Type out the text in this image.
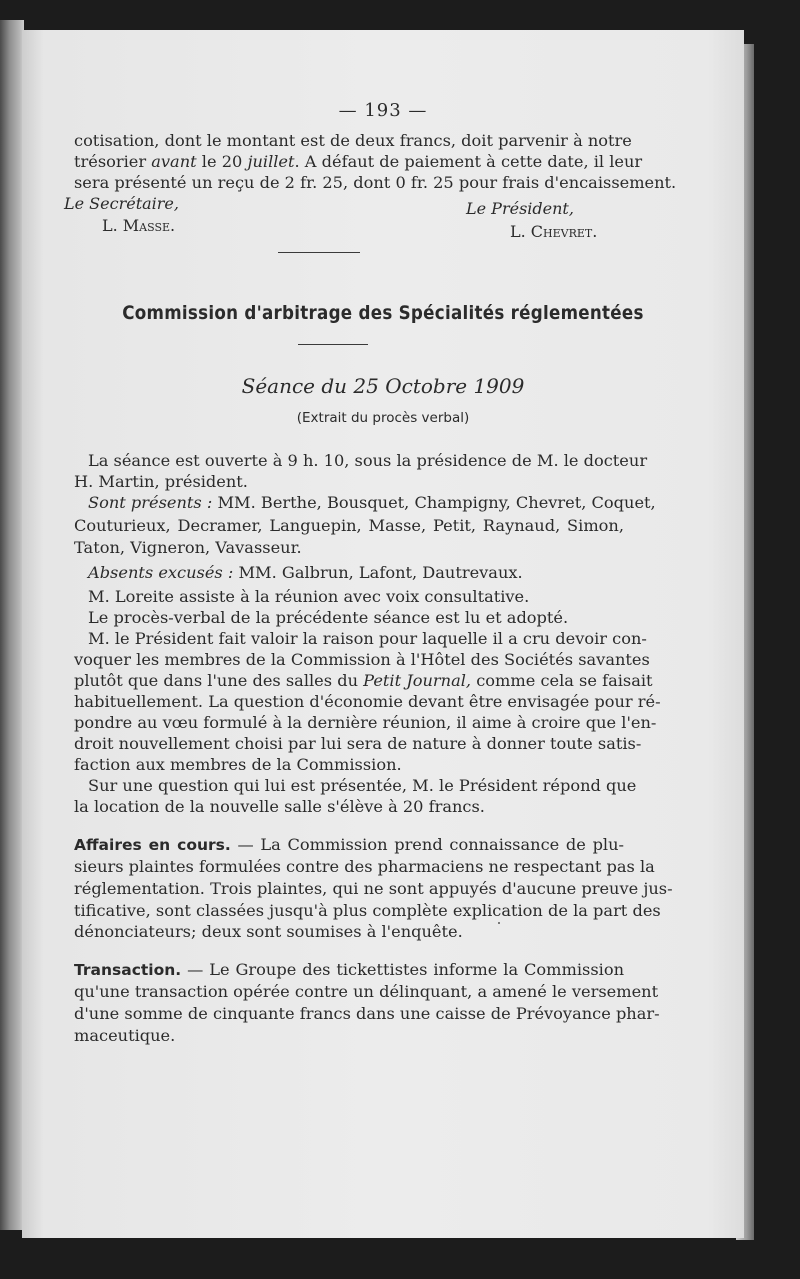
— 193 —
cotisation, dont le montant est de deux francs, doit parvenir à notre
trésorier avant le 20 juillet. A défaut de paiement à cette date, il leur
sera présenté un reçu de 2 fr. 25, dont 0 fr. 25 pour frais d'encaissement.
Le Secrétaire,	Le Président,
L. Masse.	L. Chevret.
Commission d'arbitrage des Spécialités réglementées
Séance du 25 Octobre 1909
(Extrait du procès verbal)
La séance est ouverte à 9 h. 10, sous la présidence de M. le docteur
H. Martin, président.
Sont présents : MM. Berthe, Bousquet, Champigny, Chevret, Coquet,
Couturieux, Decramer, Languepin, Masse, Petit, Raynaud, Simon,
Taton, Vigneron, Vavasseur.
Absents excusés : MM. Galbrun, Lafont, Dautrevaux.
M. Loreite assiste à la réunion avec voix consultative.
Le procès-verbal de la précédente séance est lu et adopté.
M. le Président fait valoir la raison pour laquelle il a cru devoir con-
voquer les membres de la Commission à l'Hôtel des Sociétés savantes
plutôt que dans l'une des salles du Petit Journal, comme cela se faisait
habituellement. La question d'économie devant être envisagée pour ré-
pondre au vœu formulé à la dernière réunion, il aime à croire que l'en-
droit nouvellement choisi par lui sera de nature à donner toute satis-
faction aux membres de la Commission.
Sur une question qui lui est présentée, M. le Président répond que
la location de la nouvelle salle s'élève à 20 francs.
Affaires en cours. — La Commission prend connaissance de plu-
sieurs plaintes formulées contre des pharmaciens ne respectant pas la
réglementation. Trois plaintes, qui ne sont appuyés d'aucune preuve jus-
tificative, sont classées jusqu'à plus complète explication de la part des
dénonciateurs; deux sont soumises à l'enquête.
Transaction. — Le Groupe des tickettistes informe la Commission
qu'une transaction opérée contre un délinquant, a amené le versement
d'une somme de cinquante francs dans une caisse de Prévoyance phar-
maceutique.
